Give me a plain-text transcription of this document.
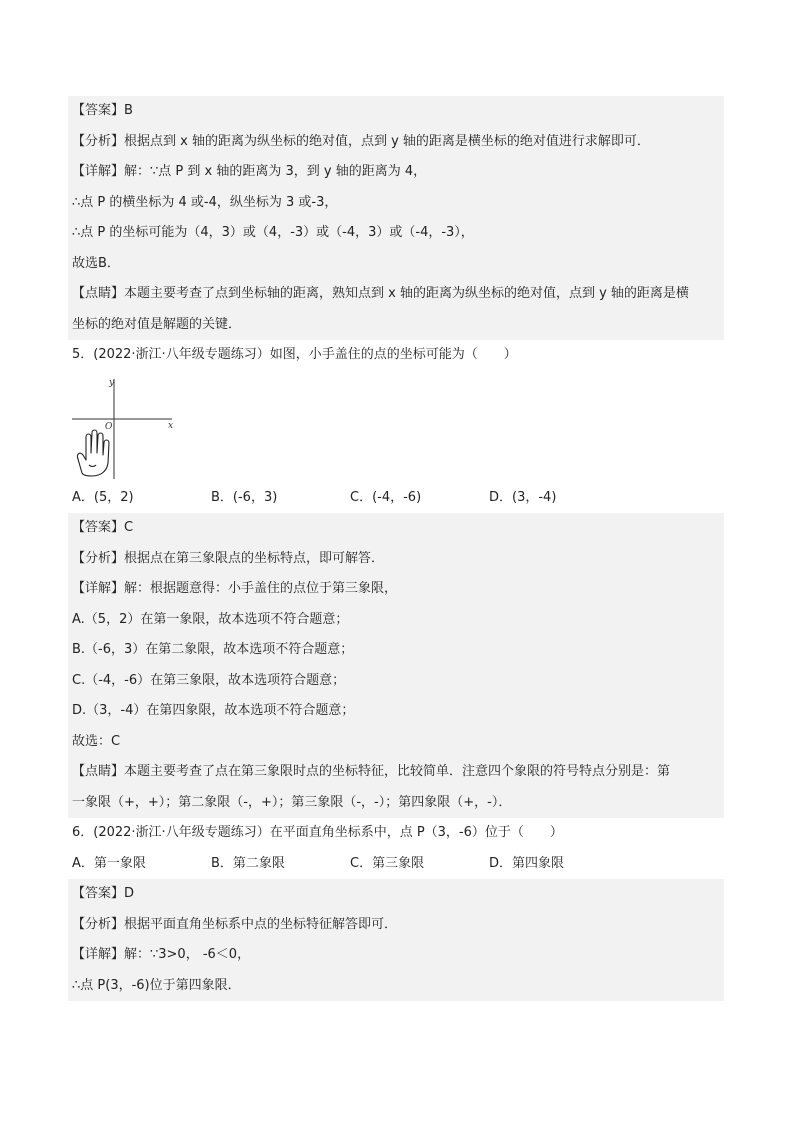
【答案】B
【分析】根据点到 x 轴的距离为纵坐标的绝对值，点到 y 轴的距离是横坐标的绝对值进行求解即可．
【详解】解：∵点 P 到 x 轴的距离为 3，到 y 轴的距离为 4，
∴点 P 的横坐标为 4 或-4，纵坐标为 3 或-3，
∴点 P 的坐标可能为（4，3）或（4，-3）或（-4，3）或（-4，-3），
故选B．
【点睛】本题主要考查了点到坐标轴的距离，熟知点到 x 轴的距离为纵坐标的绝对值，点到 y 轴的距离是横
坐标的绝对值是解题的关键．
5．(2022·浙江·八年级专题练习）如图，小手盖住的点的坐标可能为（　　）
y
x
O
A．(5，2)	B．(-6，3)	C．(-4，-6)	D．(3，-4)
【答案】C
【分析】根据点在第三象限点的坐标特点，即可解答．
【详解】解：根据题意得：小手盖住的点位于第三象限，
A.（5，2）在第一象限，故本选项不符合题意；
B.（-6，3）在第二象限，故本选项不符合题意；
C.（-4，-6）在第三象限，故本选项符合题意；
D.（3，-4）在第四象限，故本选项不符合题意；
故选：C
【点睛】本题主要考查了点在第三象限时点的坐标特征，比较简单．注意四个象限的符号特点分别是：第
一象限（+，+）；第二象限（-，+）；第三象限（-，-）；第四象限（+，-）．
6．(2022·浙江·八年级专题练习）在平面直角坐标系中，点 P（3，-6）位于（　　）
A．第一象限	B．第二象限	C．第三象限	D．第四象限
【答案】D
【分析】根据平面直角坐标系中点的坐标特征解答即可．
【详解】解：∵3>0， -6＜0，
∴点 P(3，-6)位于第四象限．
